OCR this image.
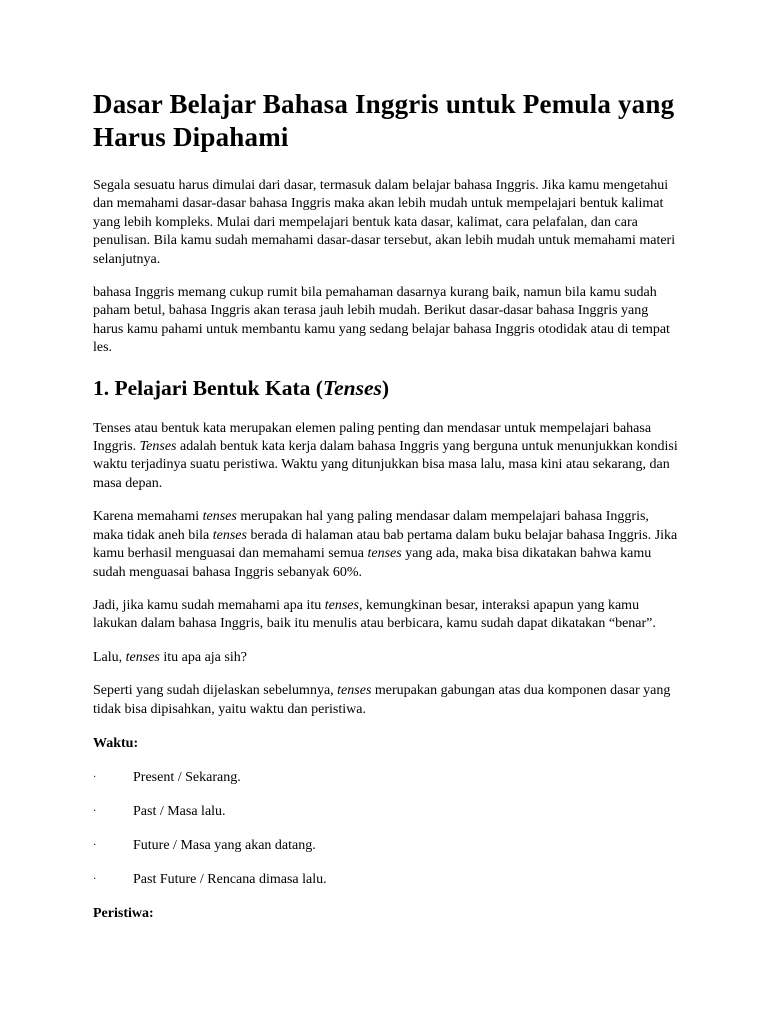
Dasar Belajar Bahasa Inggris untuk Pemula yang Harus Dipahami

Segala sesuatu harus dimulai dari dasar, termasuk dalam belajar bahasa Inggris. Jika kamu mengetahui dan memahami dasar-dasar bahasa Inggris maka akan lebih mudah untuk mempelajari bentuk kalimat yang lebih kompleks. Mulai dari mempelajari bentuk kata dasar, kalimat, cara pelafalan, dan cara penulisan. Bila kamu sudah memahami dasar-dasar tersebut, akan lebih mudah untuk memahami materi selanjutnya.

bahasa Inggris memang cukup rumit bila pemahaman dasarnya kurang baik, namun bila kamu sudah paham betul, bahasa Inggris akan terasa jauh lebih mudah. Berikut dasar-dasar bahasa Inggris yang harus kamu pahami untuk membantu kamu yang sedang belajar bahasa Inggris otodidak atau di tempat les.

1. Pelajari Bentuk Kata (Tenses)

Tenses atau bentuk kata merupakan elemen paling penting dan mendasar untuk mempelajari bahasa Inggris. Tenses adalah bentuk kata kerja dalam bahasa Inggris yang berguna untuk menunjukkan kondisi waktu terjadinya suatu peristiwa. Waktu yang ditunjukkan bisa masa lalu, masa kini atau sekarang, dan masa depan.

Karena memahami tenses merupakan hal yang paling mendasar dalam mempelajari bahasa Inggris, maka tidak aneh bila tenses berada di halaman atau bab pertama dalam buku belajar bahasa Inggris. Jika kamu berhasil menguasai dan memahami semua tenses yang ada, maka bisa dikatakan bahwa kamu sudah menguasai bahasa Inggris sebanyak 60%.

Jadi, jika kamu sudah memahami apa itu tenses, kemungkinan besar, interaksi apapun yang kamu lakukan dalam bahasa Inggris, baik itu menulis atau berbicara, kamu sudah dapat dikatakan “benar”.

Lalu, tenses itu apa aja sih?

Seperti yang sudah dijelaskan sebelumnya, tenses merupakan gabungan atas dua komponen dasar yang tidak bisa dipisahkan, yaitu waktu dan peristiwa.

Waktu:

·	Present / Sekarang.
·	Past / Masa lalu.
·	Future / Masa yang akan datang.
·	Past Future / Rencana dimasa lalu.

Peristiwa:
